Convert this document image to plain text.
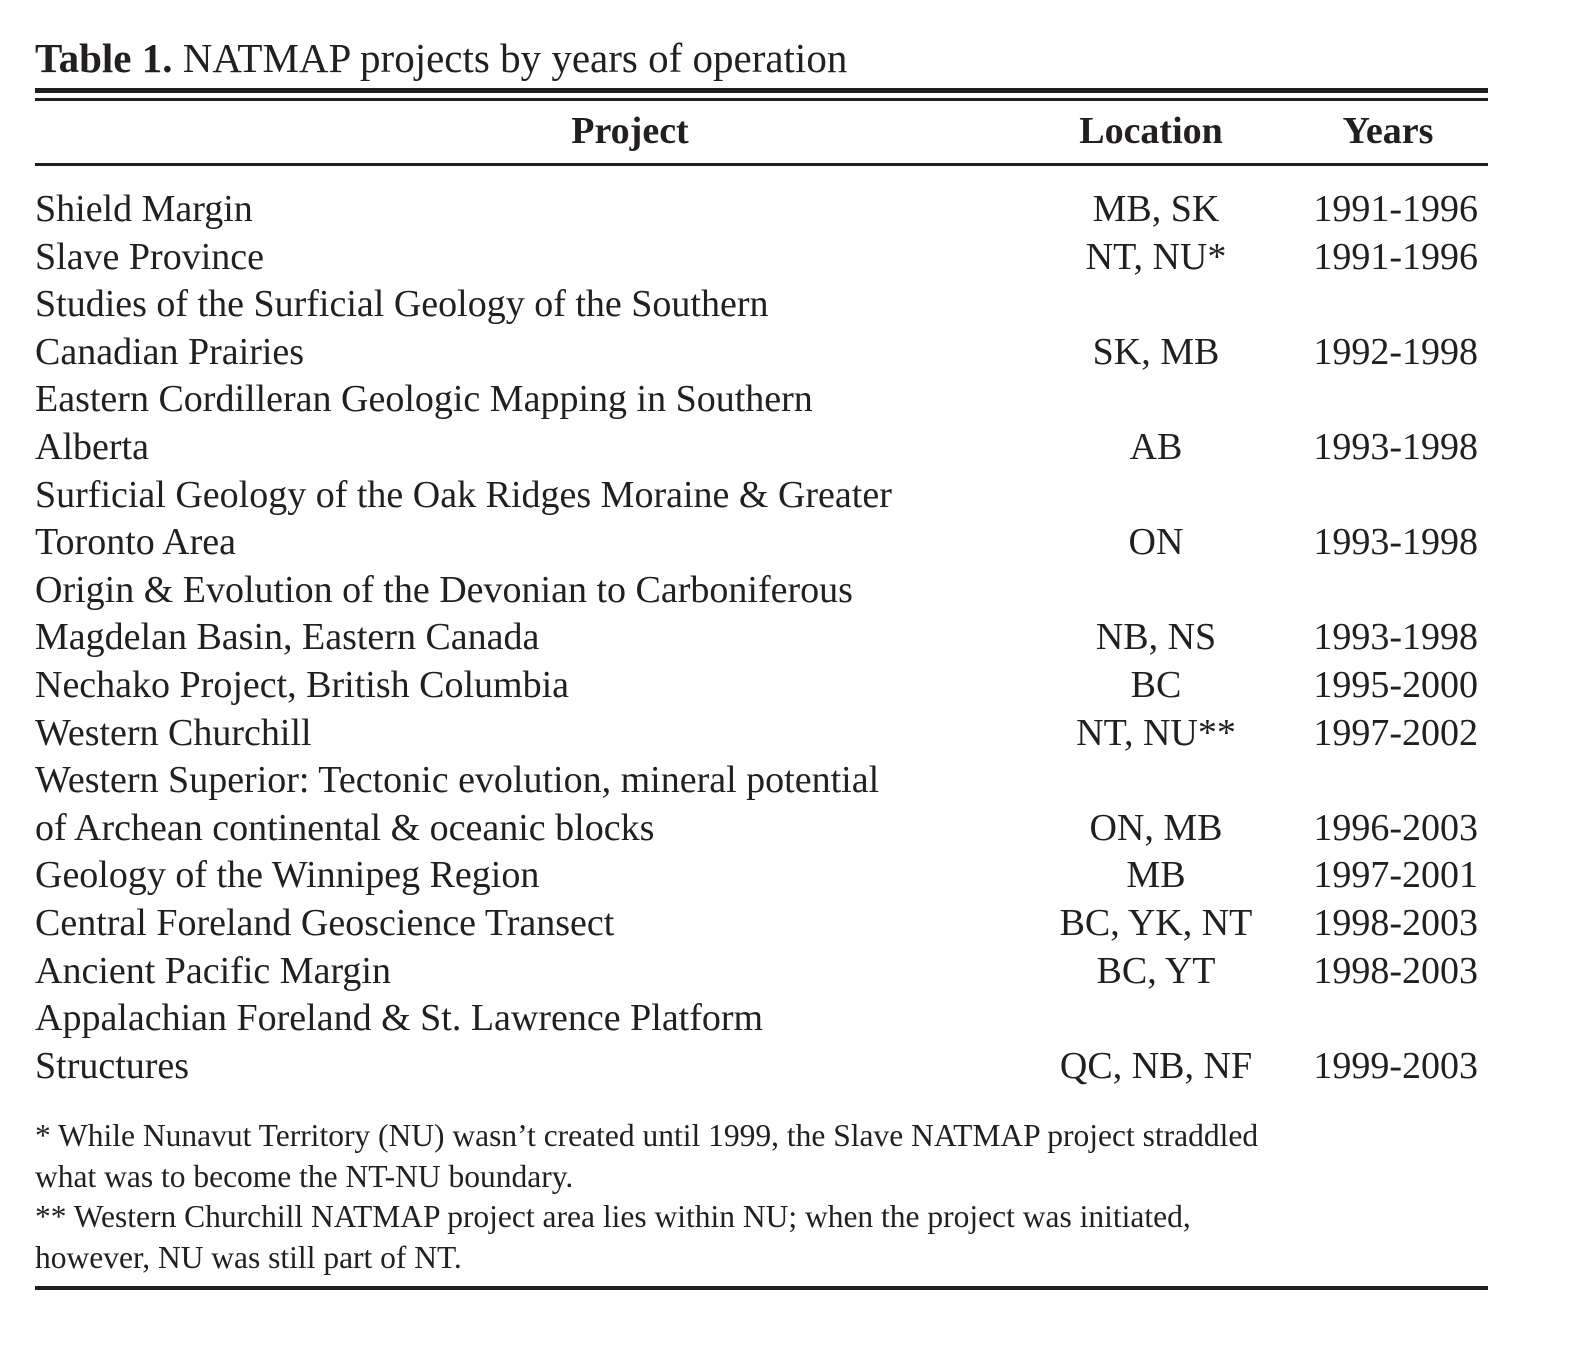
Table 1. NATMAP projects by years of operation
Project	Location	Years
Shield Margin	MB, SK	1991-1996
Slave Province	NT, NU*	1991-1996
Studies of the Surficial Geology of the Southern
Canadian Prairies	SK, MB	1992-1998
Eastern Cordilleran Geologic Mapping in Southern
Alberta	AB	1993-1998
Surficial Geology of the Oak Ridges Moraine & Greater
Toronto Area	ON	1993-1998
Origin & Evolution of the Devonian to Carboniferous
Magdelan Basin, Eastern Canada	NB, NS	1993-1998
Nechako Project, British Columbia	BC	1995-2000
Western Churchill	NT, NU**	1997-2002
Western Superior: Tectonic evolution, mineral potential
of Archean continental & oceanic blocks	ON, MB	1996-2003
Geology of the Winnipeg Region	MB	1997-2001
Central Foreland Geoscience Transect	BC, YK, NT	1998-2003
Ancient Pacific Margin	BC, YT	1998-2003
Appalachian Foreland & St. Lawrence Platform
Structures	QC, NB, NF	1999-2003
* While Nunavut Territory (NU) wasn’t created until 1999, the Slave NATMAP project straddled
what was to become the NT-NU boundary.
** Western Churchill NATMAP project area lies within NU; when the project was initiated,
however, NU was still part of NT.
